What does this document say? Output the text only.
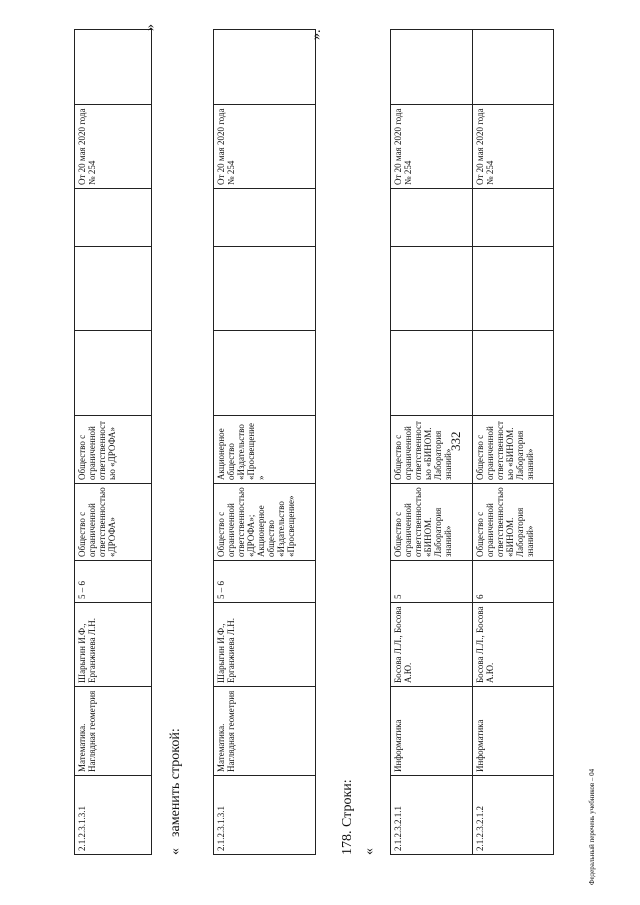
332
2.1.2.3.1.3.1	Математика. Наглядная геометрия	Шарыгин И.Ф., Ерганжиева Л.Н.	5 – 6	Общество с ограниченной ответственностью «ДРОФА»	Общество с ограниченной ответственностью «ДРОФА»				От 20 мая 2020 года № 254	
»
«
заменить строкой:	2.1.2.3.1.3.1	Математика. Наглядная геометрия	Шарыгин И.Ф., Ерганжиева Л.Н.	5 – 6	Общество с ограниченной ответственностью «ДРОФА»; Акционерное общество «Издательство «Просвещение»	Акционерное общество «Издательство «Просвещение»				От 20 мая 2020 года № 254	
».
178. Строки: «
2.1.2.3.2.1.1	Информатика	Босова Л.Л., Босова А.Ю.	5	Общество с ограниченной ответственностью «БИНОМ. Лаборатория знаний»	Общество с ограниченной ответственностью «БИНОМ. Лаборатория знаний»				От 20 мая 2020 года № 254	
2.1.2.3.2.1.2	Информатика	Босова Л.Л., Босова А.Ю.	6	Общество с ограниченной ответственностью «БИНОМ. Лаборатория знаний»	Общество с ограниченной ответственностью «БИНОМ. Лаборатория знаний»				От 20 мая 2020 года № 254	
Федеральный перечень учебников – 04
